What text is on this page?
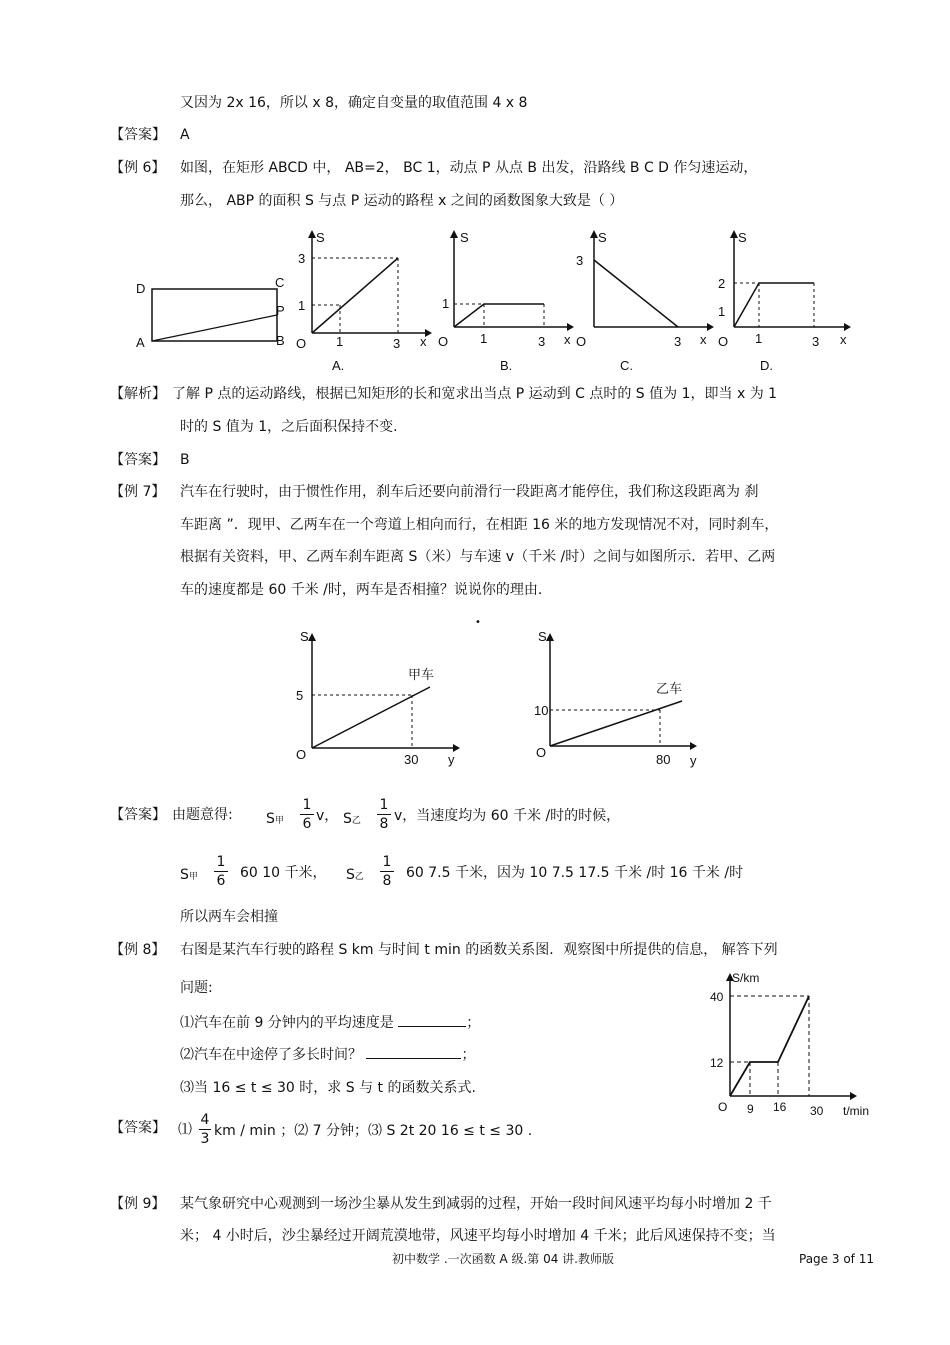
又因为 2x 16，所以 x 8，确定自变量的取值范围 4 x 8
【答案】 A
【例 6】 如图，在矩形 ABCD 中， AB=2， BC 1，动点 P 从点 B 出发，沿路线 B C D 作匀速运动，
那么， ABP 的面积 S 与点 P 运动的路程 x 之间的函数图象大致是（ ）
D	C
P
A	B
S
3
1
O 1	3 x
A.
S
1
O 1	3 x
B.
S
3
O	3 x
C.
S
2
1
O 1	3 x
D.
【解析】 了解 P 点的运动路线，根据已知矩形的长和宽求出当点 P 运动到 C 点时的 S 值为 1，即当 x 为 1
时的 S 值为 1，之后面积保持不变.
【答案】 B
【例 7】 汽车在行驶时，由于惯性作用，刹车后还要向前滑行一段距离才能停住，我们称这段距离为 刹
车距离 ”．现甲、乙两车在一个弯道上相向而行，在相距 16 米的地方发现情况不对，同时刹车，
根据有关资料，甲、乙两车刹车距离 S（米）与车速 v（千米 /时）之间与如图所示．若甲、乙两
车的速度都是 60 千米 /时，两车是否相撞？说说你的理由.
S
5
O	30 y
甲车
•
S
10
O	80 y
乙车
【答案】 由题意得: S甲
1
6 v， S乙
1
8 v，当速度均为 60 千米 /时的时候，
S甲
1
6 60 10 千米， S乙
1
8 60 7.5 千米，因为 10 7.5 17.5 千米 /时 16 千米 /时
所以两车会相撞
【例 8】 右图是某汽车行驶的路程 S km 与时间 t min 的函数关系图．观察图中所提供的信息， 解答下列
问题:
⑴汽车在前 9 分钟内的平均速度是	；
⑵汽车在中途停了多长时间？	；
⑶当 16 ≤ t ≤ 30 时，求 S 与 t 的函数关系式.
S/km
40
12
O 9 16 30 t/min
【答案】 ⑴
4
3 km / min ；⑵ 7 分钟；⑶ S 2t 20 16 ≤ t ≤ 30 .
【例 9】 某气象研究中心观测到一场沙尘暴从发生到减弱的过程，开始一段时间风速平均每小时增加 2 千
米； 4 小时后，沙尘暴经过开阔荒漠地带，风速平均每小时增加 4 千米；此后风速保持不变；当
初中数学 .一次函数 A 级.第 04 讲.教师版	Page 3 of 11
